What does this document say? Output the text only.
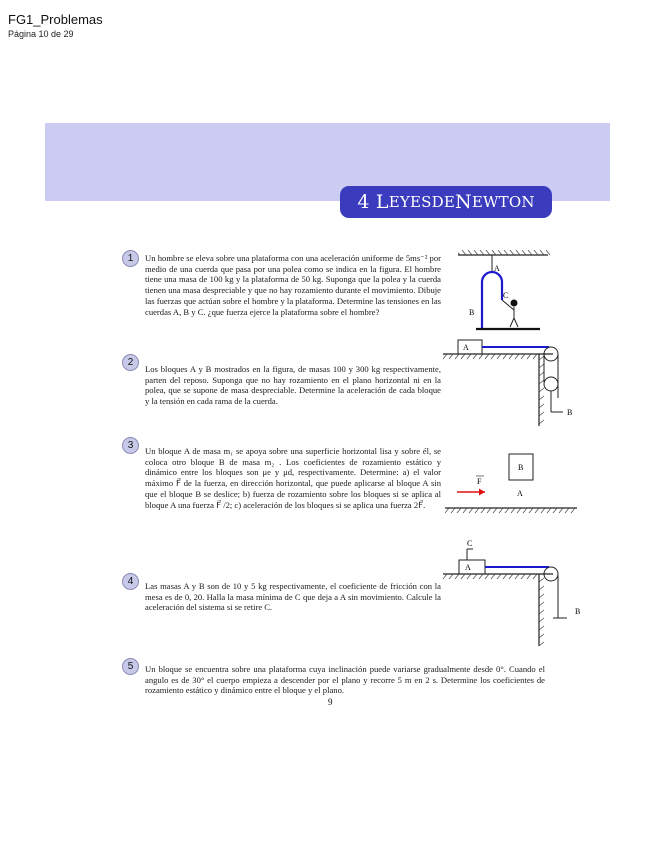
FG1_Problemas
Página 10 de 29
4
L EYES DE N EWTON
1	Un hombre se eleva sobre una plataforma con una aceleración uniforme de 5ms⁻² por medio de una cuerda que pasa por una polea como se indica en la figura. El hombre tiene una masa de 100 kg y la plataforma de 50 kg. Suponga que la polea y la cuerda tienen una masa despreciable y que no hay rozamiento durante el movimiento. Dibuje las fuerzas que actúan sobre el hombre y la plataforma. Determine las tensiones en las cuerdas A, B y C. ¿que fuerza ejerce la plataforma sobre el hombre?
A
B
C
2
Los bloques A y B mostrados en la figura, de masas 100 y 300 kg respectivamente, parten del reposo. Suponga que no hay rozamiento en el plano horizontal ni en la polea, que se supone de masa despreciable. Determine la aceleración de cada bloque y la tensión en cada rama de la cuerda.
A
B
3	Un bloque A de masa m₁ se apoya sobre una superficie horizontal lisa y sobre él, se coloca otro bloque B de masa m₂ . Los coeficientes de rozamiento estático y dinámico entre los bloques son μe y μd, respectivamente. Determine: a) el valor máximo F⃗ de la fuerza, en dirección horizontal, que puede aplicarse al bloque A sin que el bloque B se deslice; b) fuerza de rozamiento sobre los bloques si se aplica al bloque A una fuerza F⃗ /2; c) aceleración de los bloques si se aplica una fuerza 2F⃗.
B
A
F
4	Las masas A y B son de 10 y 5 kg respectivamente, el coeficiente de fricción con la mesa es de 0, 20. Halla la masa mínima de C que deja a A sin movimiento. Calcule la aceleración del sistema si se retire C.
C
A
B
5	Un bloque se encuentra sobre una plataforma cuya inclinación puede variarse gradualmente desde 0°. Cuando el angulo es de 30° el cuerpo empieza a descender por el plano y recorre 5 m en 2 s. Determine los coeficientes de rozamiento estático y dinámico entre el bloque y el plano.
9
